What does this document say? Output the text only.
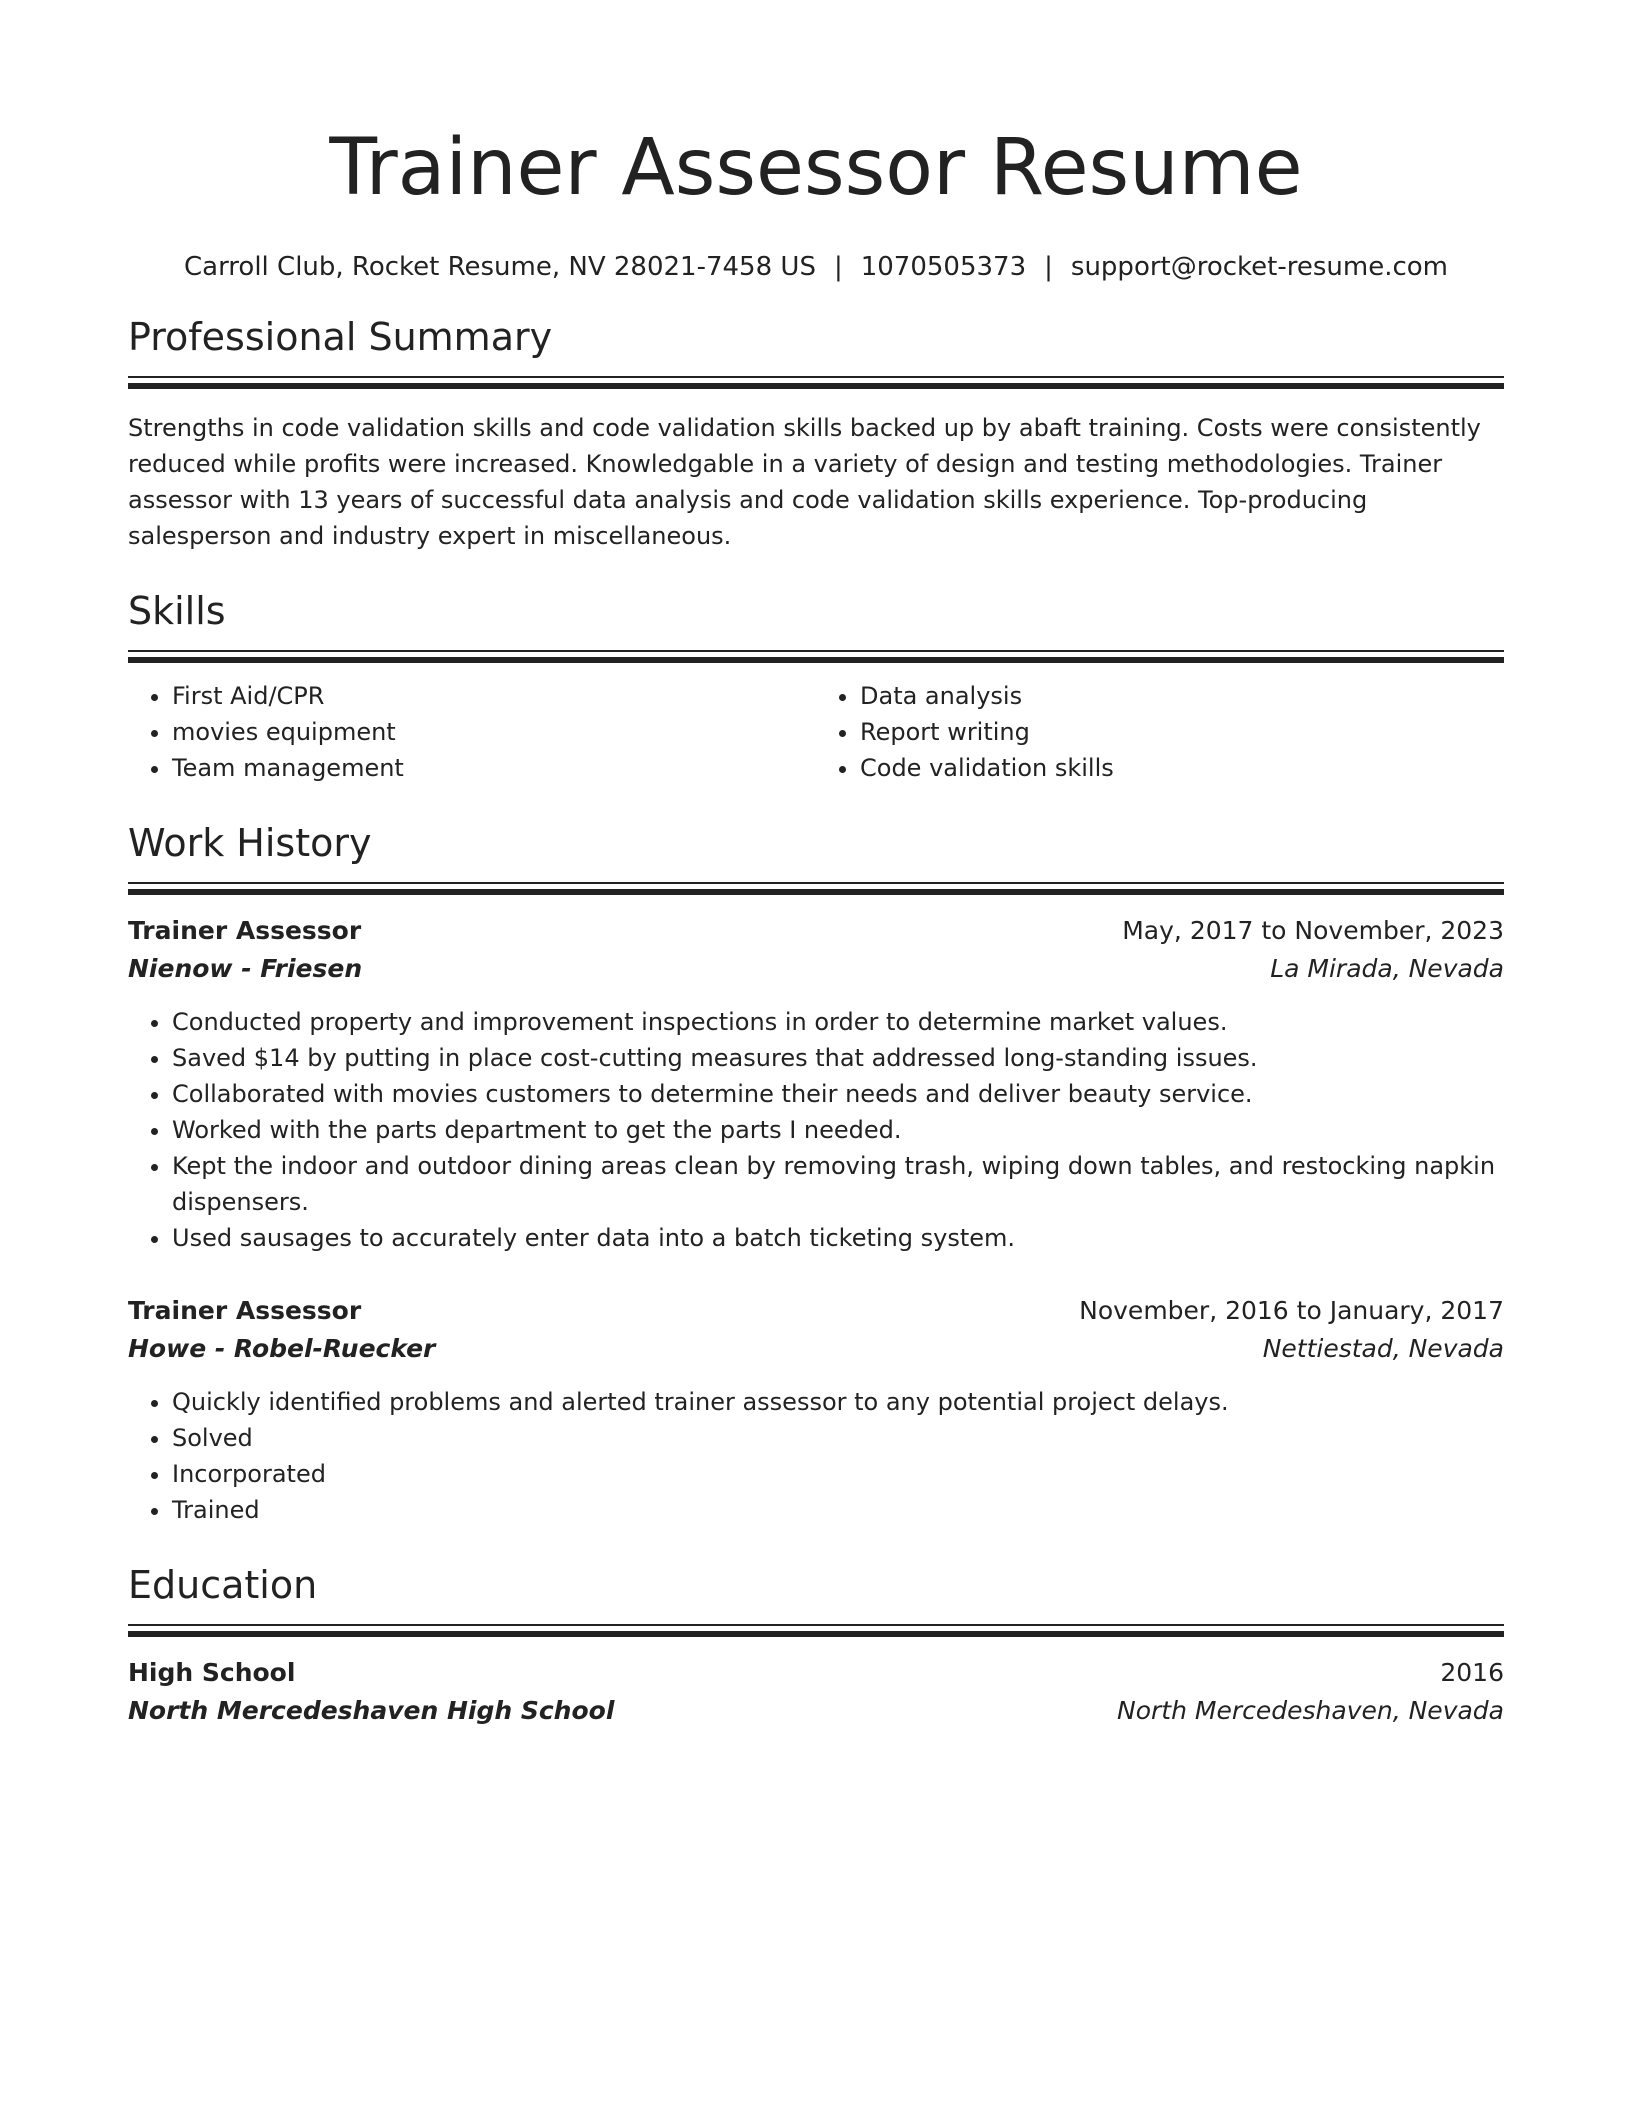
Trainer Assessor Resume
Carroll Club, Rocket Resume, NV 28021-7458 US | 1070505373 | support@rocket-resume.com
Professional Summary
Strengths in code validation skills and code validation skills backed up by abaft training. Costs were consistently reduced while profits were increased. Knowledgable in a variety of design and testing methodologies. Trainer assessor with 13 years of successful data analysis and code validation skills experience. Top-producing salesperson and industry expert in miscellaneous.
Skills
• First Aid/CPR
• movies equipment
• Team management
• Data analysis
• Report writing
• Code validation skills
Work History
Trainer Assessor	May, 2017 to November, 2023
Nienow - Friesen	La Mirada, Nevada
• Conducted property and improvement inspections in order to determine market values.
• Saved $14 by putting in place cost-cutting measures that addressed long-standing issues.
• Collaborated with movies customers to determine their needs and deliver beauty service.
• Worked with the parts department to get the parts I needed.
• Kept the indoor and outdoor dining areas clean by removing trash, wiping down tables, and restocking napkin dispensers.
• Used sausages to accurately enter data into a batch ticketing system.
Trainer Assessor	November, 2016 to January, 2017
Howe - Robel-Ruecker	Nettiestad, Nevada
• Quickly identified problems and alerted trainer assessor to any potential project delays.
• Solved
• Incorporated
• Trained
Education
High School	2016
North Mercedeshaven High School	North Mercedeshaven, Nevada
